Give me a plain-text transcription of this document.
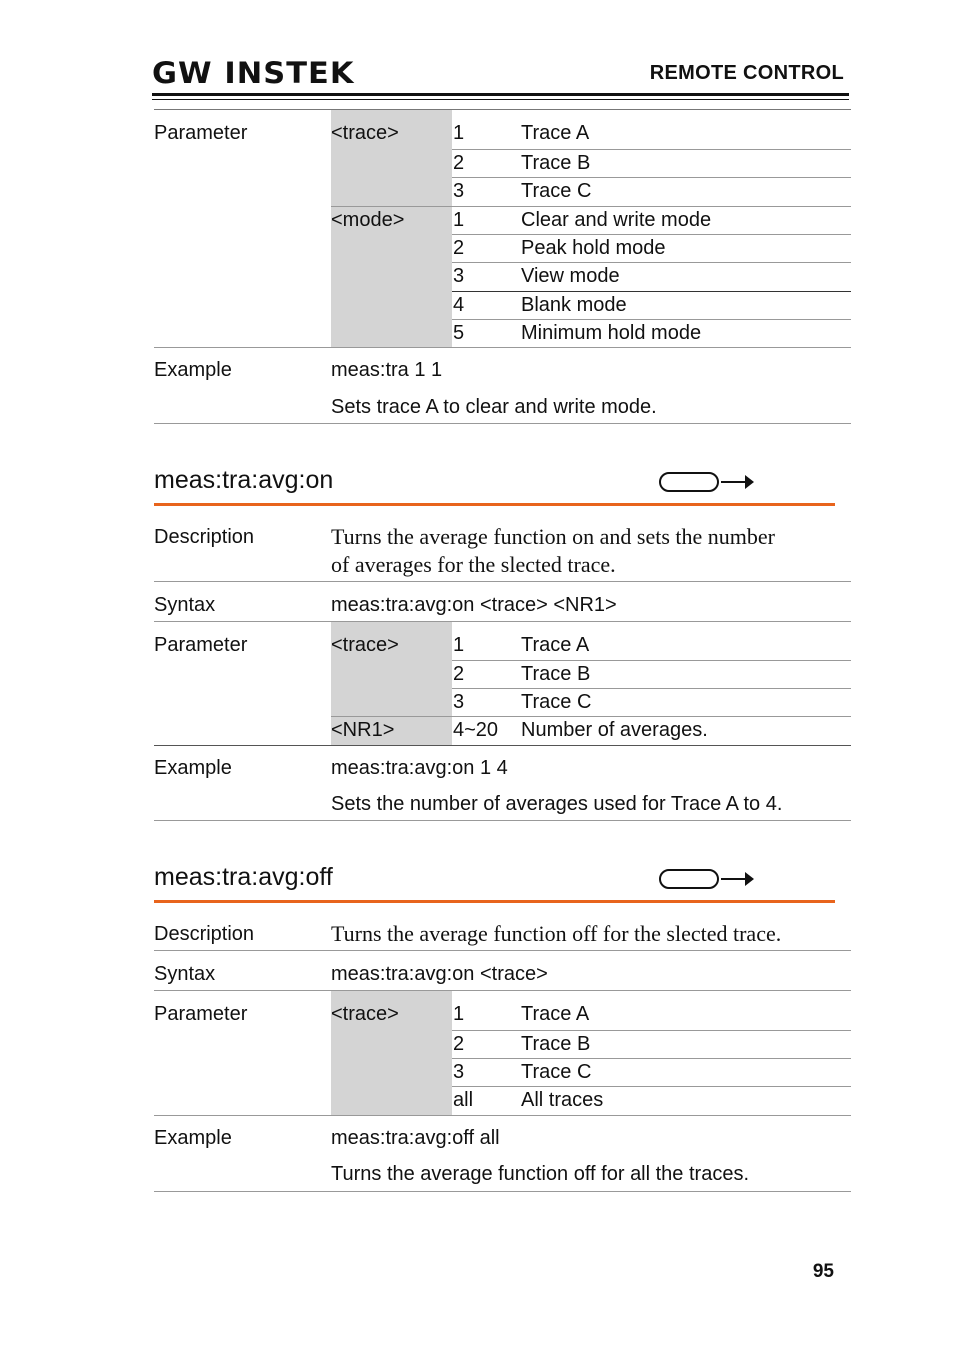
GW INSTEK	REMOTE CONTROL
Parameter	<trace>	1	Trace A
2	Trace B
3	Trace C
<mode> 1	Clear and write mode
2	Peak hold mode
3	View mode
4	Blank mode
5	Minimum hold mode
Example	meas:tra 1 1
Sets trace A to clear and write mode.
meas:tra:avg:on
Description	Turns the average function on and sets the number
of averages for the slected trace.
Syntax	meas:tra:avg:on <trace> <NR1>
Parameter	<trace>	1	Trace A
2	Trace B
3	Trace C
<NR1>	4~20 Number of averages.
Example	meas:tra:avg:on 1 4
Sets the number of averages used for Trace A to 4.
meas:tra:avg:off
Description	Turns the average function off for the slected trace.
Syntax	meas:tra:avg:on <trace>
Parameter	<trace>	1	Trace A
2	Trace B
3	Trace C
all All traces
Example	meas:tra:avg:off all
Turns the average function off for all the traces.
95
